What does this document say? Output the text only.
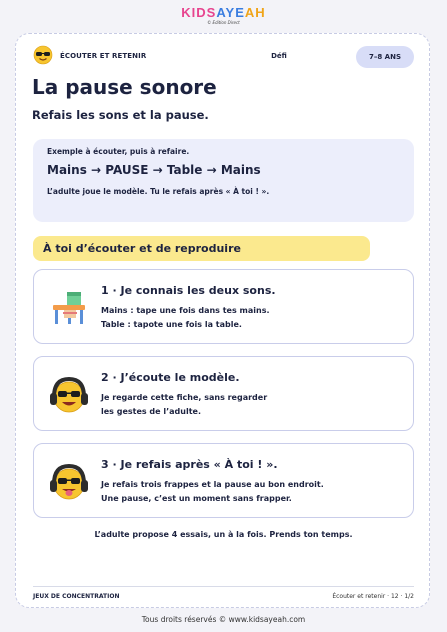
KIDSAYEAH
© Edition Direct
ÉCOUTER ET RETENIR	Défi	7–8 ANS
La pause sonore
Refais les sons et la pause.
Exemple à écouter, puis à refaire.
Mains → PAUSE → Table → Mains
L’adulte joue le modèle. Tu le refais après « À toi ! ».
À toi d’écouter et de reproduire
1 · Je connais les deux sons.
Mains : tape une fois dans tes mains.
Table : tapote une fois la table.
2 · J’écoute le modèle.
Je regarde cette fiche, sans regarder
les gestes de l’adulte.
3 · Je refais après « À toi ! ».
Je refais trois frappes et la pause au bon endroit.
Une pause, c’est un moment sans frapper.
L’adulte propose 4 essais, un à la fois. Prends ton temps.
JEUX DE CONCENTRATION	Écouter et retenir · 12 · 1/2
Tous droits réservés © www.kidsayeah.com
